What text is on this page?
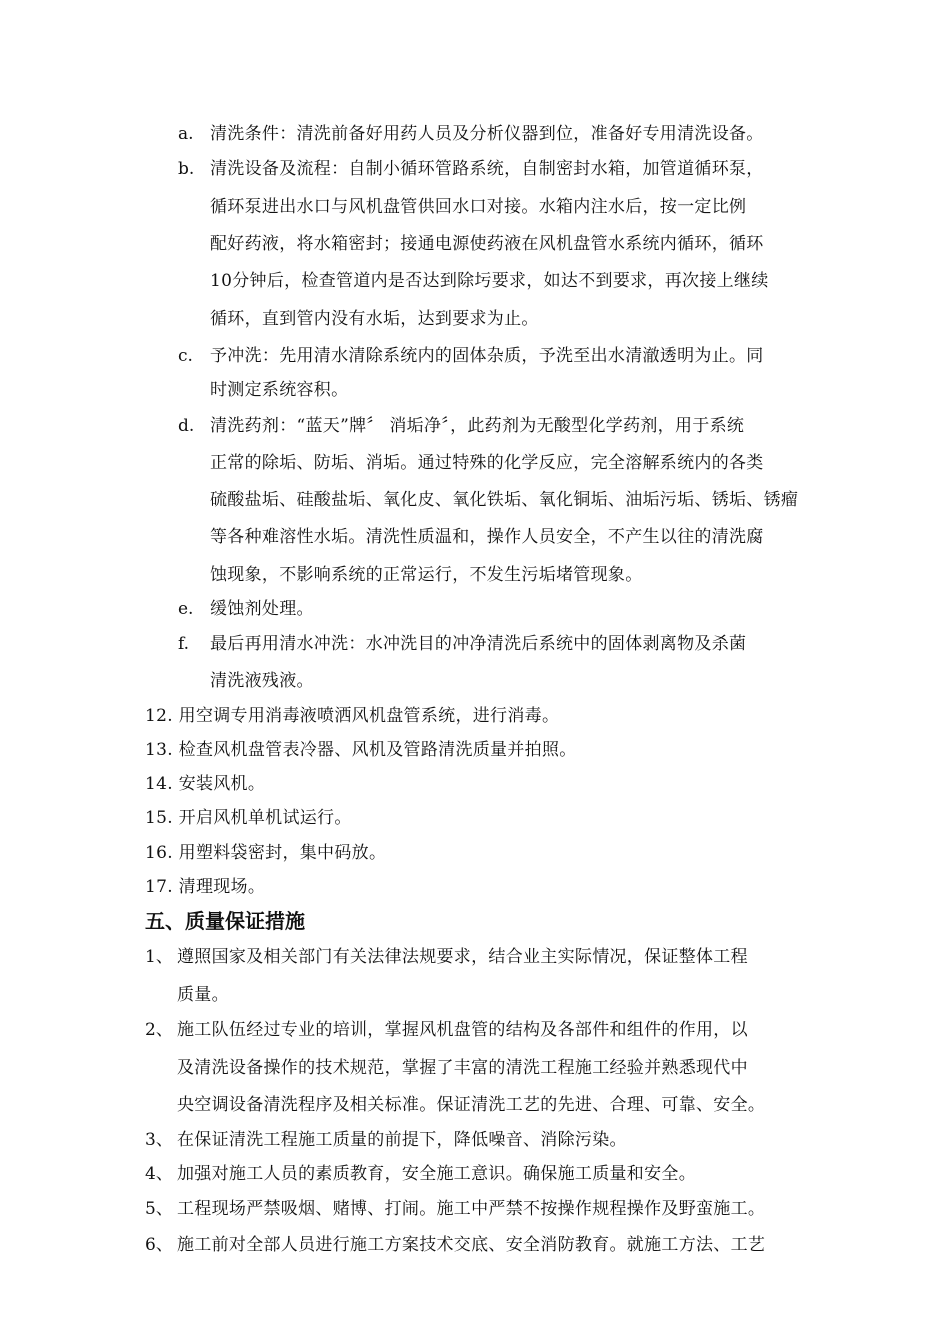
a. 清洗条件：清洗前备好用药人员及分析仪器到位，准备好专用清洗设备。
b. 清洗设备及流程：自制小循环管路系统，自制密封水箱，加管道循环泵，
循环泵进出水口与风机盘管供回水口对接。水箱内注水后，按一定比例
配好药液，将水箱密封；接通电源使药液在风机盘管水系统内循环，循环
10分钟后，检查管道内是否达到除圬要求，如达不到要求，再次接上继续
循环，直到管内没有水垢，达到要求为止。
c. 予冲洗：先用清水清除系统内的固体杂质，予洗至出水清澈透明为止。同
时测定系统容积。
d. 清洗药剂：“蓝天”牌〞 消垢净〞，此药剂为无酸型化学药剂，用于系统
正常的除垢、防垢、消垢。通过特殊的化学反应，完全溶解系统内的各类
硫酸盐垢、硅酸盐垢、氧化皮、氧化铁垢、氧化铜垢、油垢污垢、锈垢、锈瘤
等各种难溶性水垢。清洗性质温和，操作人员安全，不产生以往的清洗腐
蚀现象，不影响系统的正常运行，不发生污垢堵管现象。
e. 缓蚀剂处理。
f. 最后再用清水冲洗：水冲洗目的冲净清洗后系统中的固体剥离物及杀菌
清洗液残液。
12. 用空调专用消毒液喷洒风机盘管系统，进行消毒。
13. 检查风机盘管表冷器、风机及管路清洗质量并拍照。
14. 安装风机。
15. 开启风机单机试运行。
16. 用塑料袋密封，集中码放。
17. 清理现场。
五、质量保证措施
1、 遵照国家及相关部门有关法律法规要求，结合业主实际情况，保证整体工程
质量。
2、 施工队伍经过专业的培训，掌握风机盘管的结构及各部件和组件的作用，以
及清洗设备操作的技术规范，掌握了丰富的清洗工程施工经验并熟悉现代中
央空调设备清洗程序及相关标准。保证清洗工艺的先进、合理、可靠、安全。
3、 在保证清洗工程施工质量的前提下，降低噪音、消除污染。
4、 加强对施工人员的素质教育，安全施工意识。确保施工质量和安全。
5、 工程现场严禁吸烟、赌博、打闹。施工中严禁不按操作规程操作及野蛮施工。
6、 施工前对全部人员进行施工方案技术交底、安全消防教育。就施工方法、工艺
